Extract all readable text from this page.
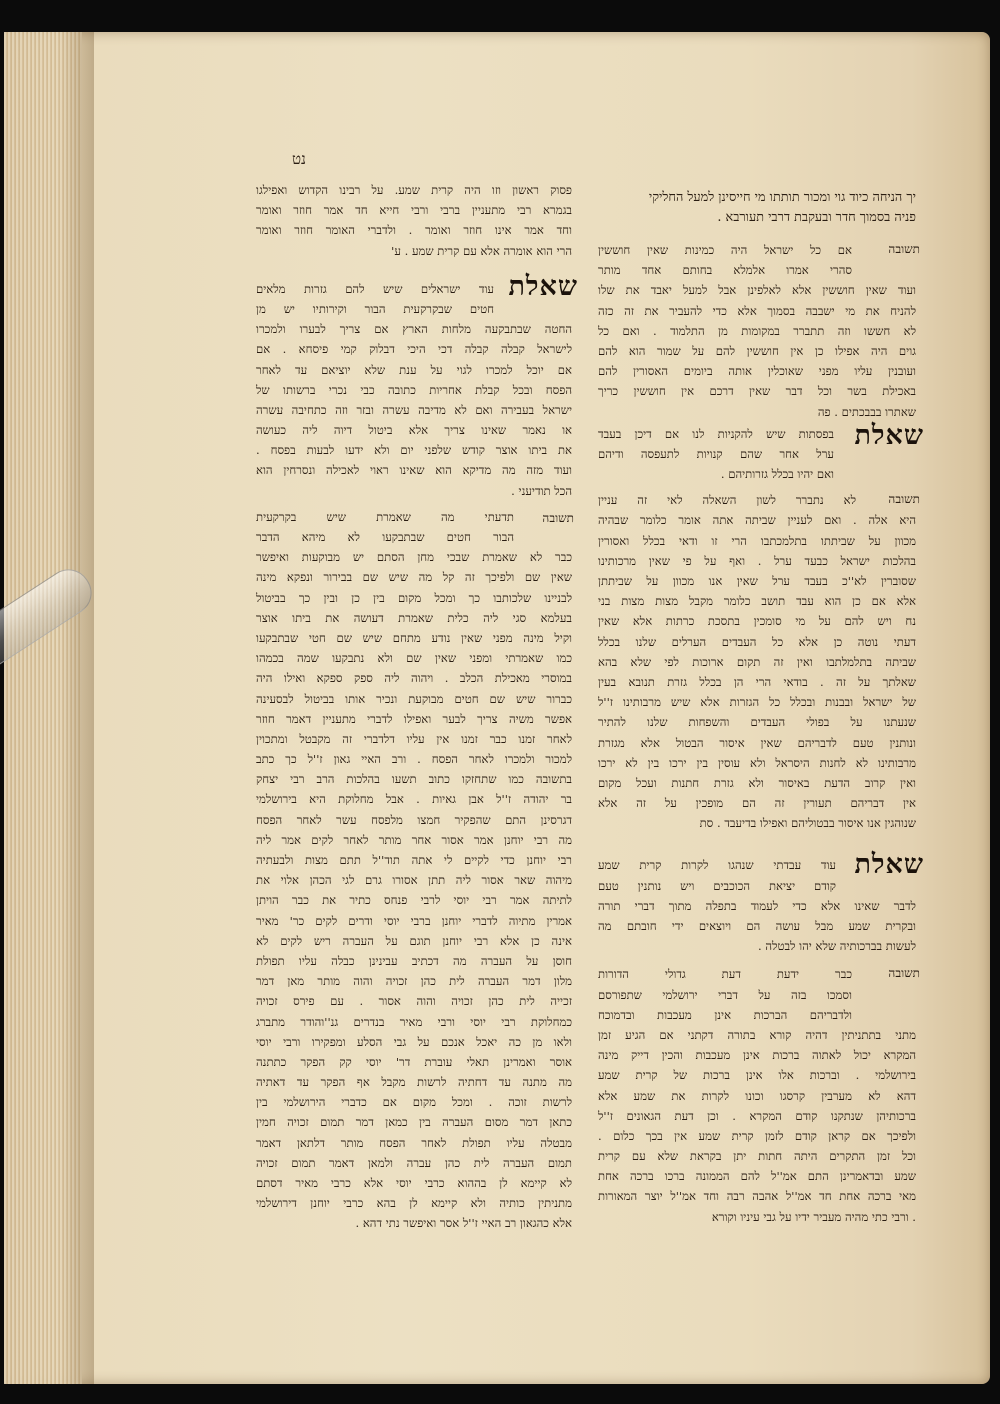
נט
פסוק ראשון וזו היה קרית שמע. על רבינו הקדוש ואפילגו
בגמרא רבי מתעניין ברבי ורבי חייא חד אמר חוזר ואומר
וחד אמר אינו חוזר ואומר . ולדברי האומר חוזר ואומר
הרי הוא אומרה אלא עם קרית שמע . ע'
שאלת
עוד ישראלים שיש להם גזרות מלאים
חטים שבקרקעית הבור וקירותיו יש מן
החטה שבתבקעה מלחות הארץ אם צריך לבערו ולמכרו
לישראל קבלה קבלה דכי היכי דבלוק קמי פיסחא . אם
אם יוכל למכרו לגוי על ענת שלא יוציאם עד לאחר
הפסח ובכל קבלת אחריות כתובה כבי נכרי ברשותו של
ישראל בעבירה ואם לא מדיבה עשרה ובזר וזה כתחיבה עשרה
או נאמר שאינו צריך אלא ביטול דיוה ליה כעושה
את ביתו אוצר קודש שלפני יום ולא ידעו לבעות בפסח .
ועוד מזה מה מדיקא הוא שאינו ראוי לאכילה ונסרחין הוא
הכל תודיעני .
תשובה
תדעתי מה שאמרת שיש בקרקעית
הבור חטים שבתבקעו לא מיהא הדבר
כבר לא שאמרת שבכי מחן הסתם יש מבוקעות ואיפשר
שאין שם ולפיכך זה קל מה שיש שם בבירור ונפקא מינה
לבניינו שלכותבו כך ומכל מקום בין כן ובין כך בביטול
בעלמא סגי ליה כלית שאמרת דעושה את ביתו אוצר
וקיל מינה מפני שאין נודע מתחם שיש שם חטי שבתבקעו
כמו שאמרתי ומפני שאין שם ולא נתבקעו שמה בכמהו
במוסרי מאכילת הכלב . ויהוה ליה ספק ספקא ואילו היה
כברור שיש שם חטים מבוקעת ונכיר אותו בביטול לבסעינה
אפשר משיה צריך לבער ואפילו לדברי מתעניין דאמר חוזר
לאחר זמנו כבר זמנו אין עליו דלדברי זה מקבטל ומתכוין
למכור ולמכרו לאחר הפסח . ורב האיי גאון ז''ל כך כתב
בתשובה כמו שתחזקו כתוב תשעו בהלכות הרב רבי יצחק
בר יהודה ז''ל אבן גאיות . אבל מחלוקת היא בירושלמי
דגרסינן התם שהפקיר חמצו מלפסח עשר לאחר הפסח
מה רבי יוחנן אמר אסור אחר מותר לאחר לקים אמר ליה
רבי יוחנן כדי לקיים לי אתה תוד''ל תתם מצות ולבעתיה
מיהוה שאר אסור ליה תתן אסורו גרם לגי הכהן אלוי את
לתיתה אמר רבי יוסי לרבי פנחס כתיר את כבר הויתן
אמרין מתיוה לדברי יוחנן ברבי יוסי ודרים לקים כר' מאיר
אינה כן אלא רבי יוחנן תוגם על העברה ריש לקים לא
חוסן על העברה מה דכתיב עבינינן כבלה עליו תפולת
מלון דמר העברה לית כהן זכויה והוה מותר מאן דמר
זכייה לית כהן זכויה והוה אסור . עם פירס זכויה
כמחלוקת רבי יוסי ורבי מאיר בנדרים גנ''והודר מתברג
ולאו מן כה יאכל אנכם על גבי הסלע ומפקירו ורבי יוסי
אוסר ואמרינן תאלי עוברת דר' יוסי קק הפקר כתתנה
מה מתנה עד דחתיה לרשות מקבל אף הפקר עד דאתיה
לרשות זוכה . ומכל מקום אם כדברי הירושלמי בין
כתאן דמר מסום העברה בין כמאן דמר תמום זכויה חמין
מבטלה עליו תפולת לאחר הפסח מותר דלתאן דאמר
תמום העברה לית כהן עברה ולמאן דאמר תמום זכויה
לא קיימא לן בההוא כרבי יוסי אלא כרבי מאיר דסתם
מתניתין כותיה ולא קיימא לן בהא כרבי יוחנן דירושלמי
אלא כהגאון רב האיי ז''ל אסר ואיפשר נתי דהא .
יך הניחה כיוד גוי ומכור תותתו מי חייסינן למעל החליקי
פניה בסמוך חדר ובעקבת דרבי תעורבא .
תשובה
אם כל ישראל היה כמינות שאין חוששין
סהרי אמרו אלמלא בחותם אחד מותר
ועוד שאין חוששין אלא לאלפינן אבל למעל יאבד את שלו
להניח את מי ישבבה בסמוך אלא כדי להעביר את זה כזה
לא חששו וזה תתברר במקומות מן התלמוד . ואם כל
גוים היה אפילו כן אין חוששין להם על שמור הוא להם
ועובנין עליו מפני שאוכלין אותה ביומים האסורין להם
באכילת בשר וכל דבר שאין דרכם אין חוששין כריך
שאתרו בבבכתים . פה
שאלת
בפסתות שיש להקניות לנו אם דיכן בעבד
ערל אחר שהם קנויות לתעפסה ודיהם
ואם יהיו בכלל גזרותיהם .
תשובה
לא נתברר לשון השאלה לאי זה עניין
היא אלה . ואם לעניין שביתה אתה אומר כלומר שבהיה
מכוון על שביתתו בתלמכתבו הרי זו ודאי בכלל ואסורין
בהלכות ישראל כבעד ערל . ואף על פי שאין מרכותינו
שסוברין לא''כ בעבד ערל שאין אנו מכוון על שביתתן
אלא אם כן הוא עבד תושב כלומר מקבל מצות מצות בני
נח ויש להם על מי סומכין בתסכת כרתות אלא שאין
דעתי נוטה כן אלא כל העבדים הערלים שלנו בכלל
שביתה בתלמלתבו ואין זה תקום ארוכות לפי שלא בהא
שאלתך על זה . בודאי הרי הן בכלל גזרת תנובא בעין
של ישראל ובבנות ובכלל כל הגזרות אלא שיש מרבותינו ז''ל
שנעתנו על בפולי העבדים והשפחות שלנו להתיר
ונותנין טעם לדבריהם שאין איסור הבטול אלא מגזרת
מרבותינו לא לחנות היסראל ולא עוסין בין ירכו בין לא ירכו
ואין קרוב הדעת באיסור ולא גזרת חתנות ועכל מקום
אין דבריהם תעורין זה הם מופכין על זה אלא
שנוהגין אנו איסור בבטוליהם ואפילו בדיעבד . סת
שאלת
עוד עבדתי שנהגו לקרות קרית שמע
קודם יציאת הכוכבים ויש נותנין טעם
לדבר שאינו אלא כדי לעמוד בתפלה מתוך דברי תורה
ובקרית שמע מבל עושה הם ויוצאים ידי חובתם מה
לעשות בברכותיה שלא יהו לבטלה .
תשובה
כבר ידעת דעת גדולי הדורות
וסמכו בזה על דברי ירושלמי שתפורסם
ולדבריהם הברכות אינן מעכבות ובדמוכח
מתני בתתניתין דהיה קורא בתורה דקתני אם הגיע זמן
המקרא יכול לאתוה ברכות אינן מעכבות והכין דייק מינה
בירושלמי . וברכות אלו אינן ברכות של קרית שמע
דהא לא מערבין קרסגו וכונו לקרות את שמע אלא
ברכותיהן שנתקנו קודם המקרא . וכן דעת הגאונים ז''ל
ולפיכך אם קראן קודם לזמן קרית שמע אין בכך כלום .
וכל זמן התקרים היתה חתות יתן בקראת שלא עם קרית
שמע ובדאמרינן התם אמ''ל להם הממונה ברכו ברכה אחת
מאי ברכה אחת חד אמ''ל אהבה רבה וחד אמ''ל יוצר המאורות
. ורבי כתי מהיה מעביר ידיו על גבי עיניו וקורא
